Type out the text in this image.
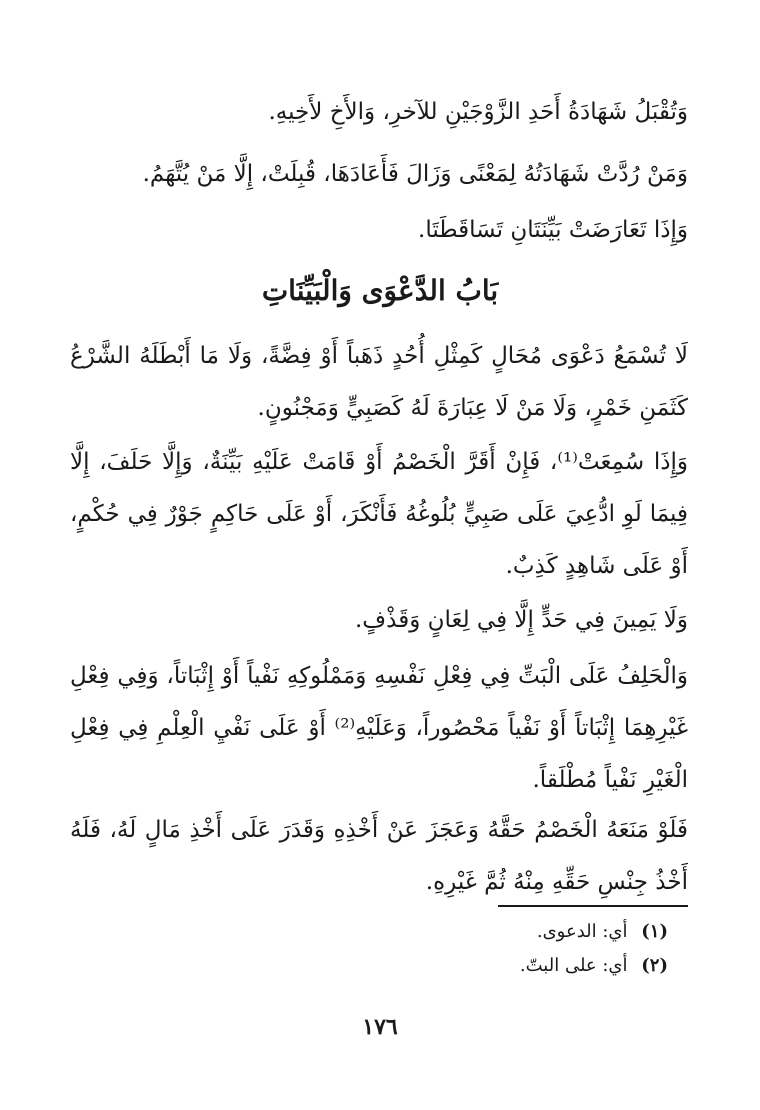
وَتُقْبَلُ شَهَادَةُ أَحَدِ الزَّوْجَيْنِ للآخرِ، وَالأَخِ لأَخِيهِ.

وَمَنْ رُدَّتْ شَهَادَتُهُ لِمَعْنًى وَزَالَ فَأَعَادَهَا، قُبِلَتْ، إِلَّا مَنْ يُتَّهَمُ.

وَإِذَا تَعَارَضَتْ بَيِّنَتَانِ تَسَاقَطَتَا.

بَابُ الدَّعْوَى وَالْبَيِّنَاتِ

لَا تُسْمَعُ دَعْوَى مُحَالٍ كَمِثْلِ أُحُدٍ ذَهَباً أَوْ فِضَّةً، وَلَا مَا أَبْطَلَهُ الشَّرْعُ كَثَمَنِ خَمْرٍ، وَلَا مَنْ لَا عِبَارَةَ لَهُ كَصَبِيٍّ وَمَجْنُونٍ.

وَإِذَا سُمِعَتْ⁽¹⁾، فَإِنْ أَقَرَّ الْخَصْمُ أَوْ قَامَتْ عَلَيْهِ بَيِّنَةٌ، وَإِلَّا حَلَفَ، إِلَّا فِيمَا لَوِ ادُّعِيَ عَلَى صَبِيٍّ بُلُوغُهُ فَأَنْكَرَ، أَوْ عَلَى حَاكِمٍ جَوْرٌ فِي حُكْمٍ، أَوْ عَلَى شَاهِدٍ كَذِبٌ.

وَلَا يَمِينَ فِي حَدٍّ إِلَّا فِي لِعَانٍ وَقَذْفٍ.

وَالْحَلِفُ عَلَى الْبَتِّ فِي فِعْلِ نَفْسِهِ وَمَمْلُوكِهِ نَفْياً أَوْ إِثْبَاتاً، وَفِي فِعْلِ غَيْرِهِمَا إِثْبَاتاً أَوْ نَفْياً مَحْصُوراً، وَعَلَيْهِ⁽²⁾ أَوْ عَلَى نَفْيِ الْعِلْمِ فِي فِعْلِ الْغَيْرِ نَفْياً مُطْلَقاً.

فَلَوْ مَنَعَهُ الْخَصْمُ حَقَّهُ وَعَجَزَ عَنْ أَخْذِهِ وَقَدَرَ عَلَى أَخْذِ مَالٍ لَهُ، فَلَهُ أَخْذُ جِنْسِ حَقِّهِ مِنْهُ ثُمَّ غَيْرِهِ.

(١) أي: الدعوى.

(٢) أي: على البتّ.

١٧٦
